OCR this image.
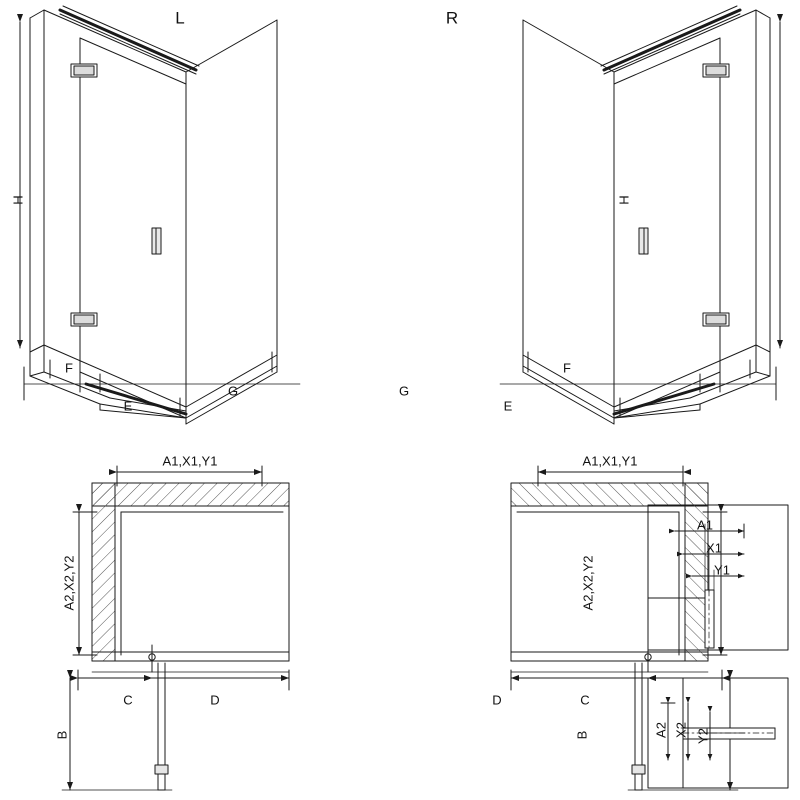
L
H
F
E
G
R
H
F
E
G
A1,X1,Y1
A2,X2,Y2
C	D
B
A1,X1,Y1
A2,X2,Y2
C
D
B
A1
X1
Y1
A2 X2 Y2
